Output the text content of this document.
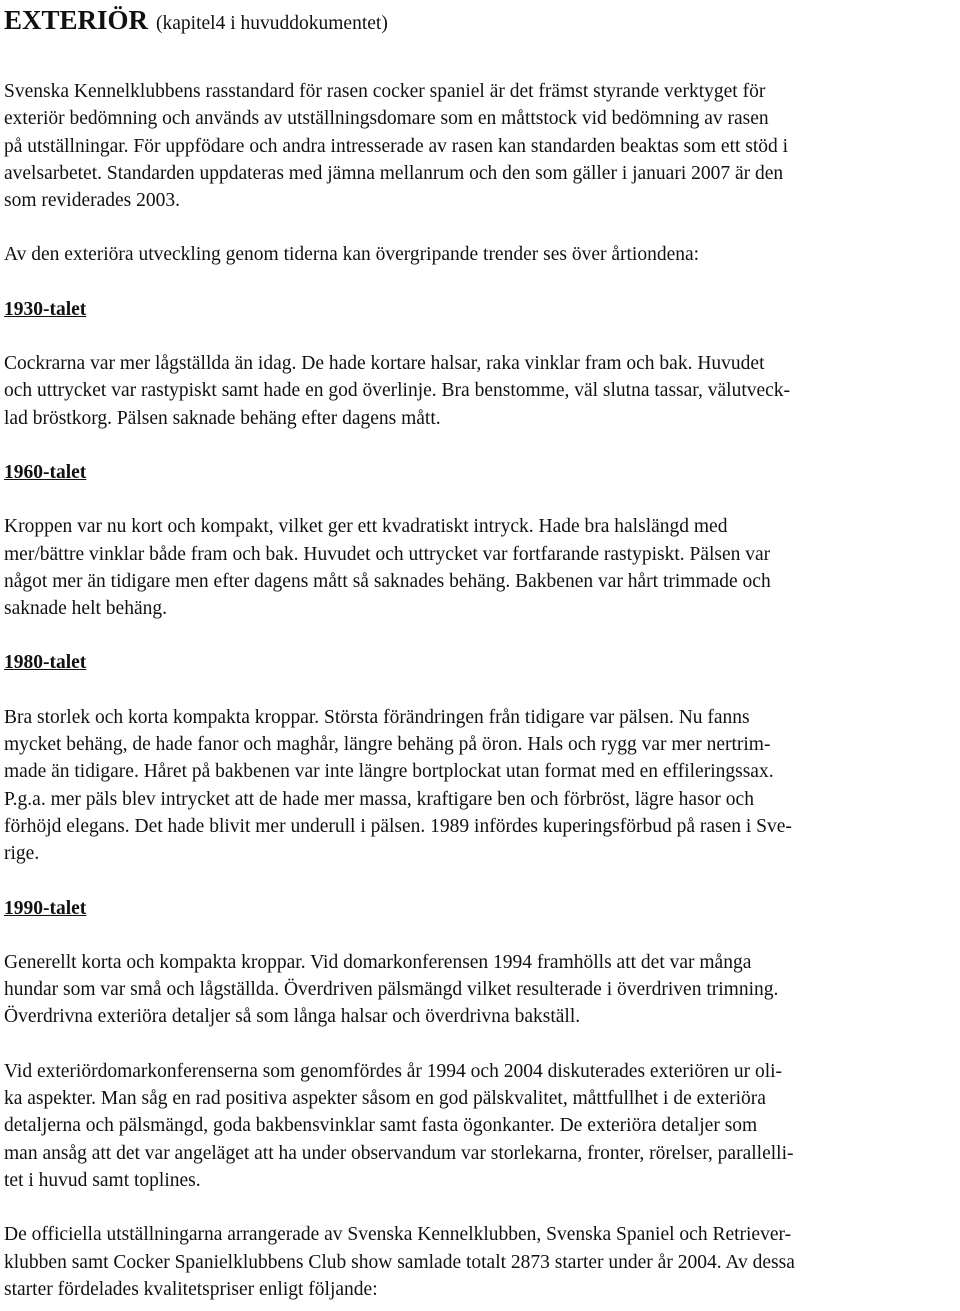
EXTERIÖR (kapitel4 i huvuddokumentet)

Svenska Kennelklubbens rasstandard för rasen cocker spaniel är det främst styrande verktyget för
exteriör bedömning och används av utställningsdomare som en måttstock vid bedömning av rasen
på utställningar. För uppfödare och andra intresserade av rasen kan standarden beaktas som ett stöd i
avelsarbetet. Standarden uppdateras med jämna mellanrum och den som gäller i januari 2007 är den
som reviderades 2003.

Av den exteriöra utveckling genom tiderna kan övergripande trender ses över årtiondena:

1930-talet

Cockrarna var mer lågställda än idag. De hade kortare halsar, raka vinklar fram och bak. Huvudet
och uttrycket var rastypiskt samt hade en god överlinje. Bra benstomme, väl slutna tassar, välutveck-
lad bröstkorg. Pälsen saknade behäng efter dagens mått.

1960-talet

Kroppen var nu kort och kompakt, vilket ger ett kvadratiskt intryck. Hade bra halslängd med
mer/bättre vinklar både fram och bak. Huvudet och uttrycket var fortfarande rastypiskt. Pälsen var
något mer än tidigare men efter dagens mått så saknades behäng. Bakbenen var hårt trimmade och
saknade helt behäng.

1980-talet

Bra storlek och korta kompakta kroppar. Största förändringen från tidigare var pälsen. Nu fanns
mycket behäng, de hade fanor och maghår, längre behäng på öron. Hals och rygg var mer nertrim-
made än tidigare. Håret på bakbenen var inte längre bortplockat utan format med en effileringssax.
P.g.a. mer päls blev intrycket att de hade mer massa, kraftigare ben och förbröst, lägre hasor och
förhöjd elegans. Det hade blivit mer underull i pälsen. 1989 infördes kuperingsförbud på rasen i Sve-
rige.

1990-talet

Generellt korta och kompakta kroppar. Vid domarkonferensen 1994 framhölls att det var många
hundar som var små och lågställda. Överdriven pälsmängd vilket resulterade i överdriven trimning.
Överdrivna exteriöra detaljer så som långa halsar och överdrivna bakställ.

Vid exteriördomarkonferenserna som genomfördes år 1994 och 2004 diskuterades exteriören ur oli-
ka aspekter. Man såg en rad positiva aspekter såsom en god pälskvalitet, måttfullhet i de exteriöra
detaljerna och pälsmängd, goda bakbensvinklar samt fasta ögonkanter. De exteriöra detaljer som
man ansåg att det var angeläget att ha under observandum var storlekarna, fronter, rörelser, parallelli-
tet i huvud samt toplines.

De officiella utställningarna arrangerade av Svenska Kennelklubben, Svenska Spaniel och Retriever-
klubben samt Cocker Spanielklubbens Club show samlade totalt 2873 starter under år 2004. Av dessa
starter fördelades kvalitetspriser enligt följande:
